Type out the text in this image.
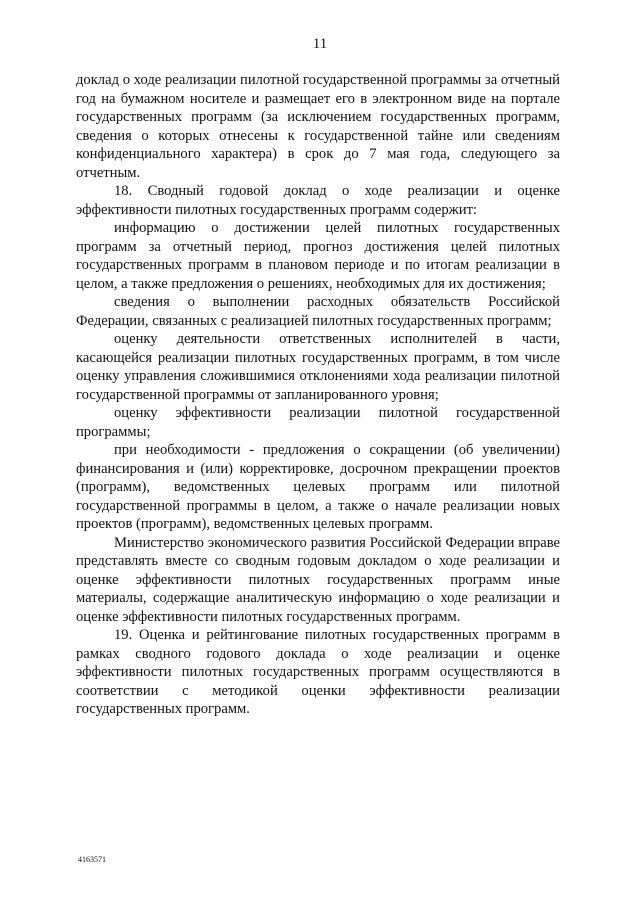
11

доклад о ходе реализации пилотной государственной программы за отчетный год на бумажном носителе и размещает его в электронном виде на портале государственных программ (за исключением государственных программ, сведения о которых отнесены к государственной тайне или сведениям конфиденциального характера) в срок до 7 мая года, следующего за отчетным.

18. Сводный годовой доклад о ходе реализации и оценке эффективности пилотных государственных программ содержит:

информацию о достижении целей пилотных государственных программ за отчетный период, прогноз достижения целей пилотных государственных программ в плановом периоде и по итогам реализации в целом, а также предложения о решениях, необходимых для их достижения;

сведения о выполнении расходных обязательств Российской Федерации, связанных с реализацией пилотных государственных программ;

оценку деятельности ответственных исполнителей в части, касающейся реализации пилотных государственных программ, в том числе оценку управления сложившимися отклонениями хода реализации пилотной государственной программы от запланированного уровня;

оценку эффективности реализации пилотной государственной программы;

при необходимости - предложения о сокращении (об увеличении) финансирования и (или) корректировке, досрочном прекращении проектов (программ), ведомственных целевых программ или пилотной государственной программы в целом, а также о начале реализации новых проектов (программ), ведомственных целевых программ.

Министерство экономического развития Российской Федерации вправе представлять вместе со сводным годовым докладом о ходе реализации и оценке эффективности пилотных государственных программ иные материалы, содержащие аналитическую информацию о ходе реализации и оценке эффективности пилотных государственных программ.

19. Оценка и рейтингование пилотных государственных программ в рамках сводного годового доклада о ходе реализации и оценке эффективности пилотных государственных программ осуществляются в соответствии с методикой оценки эффективности реализации государственных программ.

4163571
